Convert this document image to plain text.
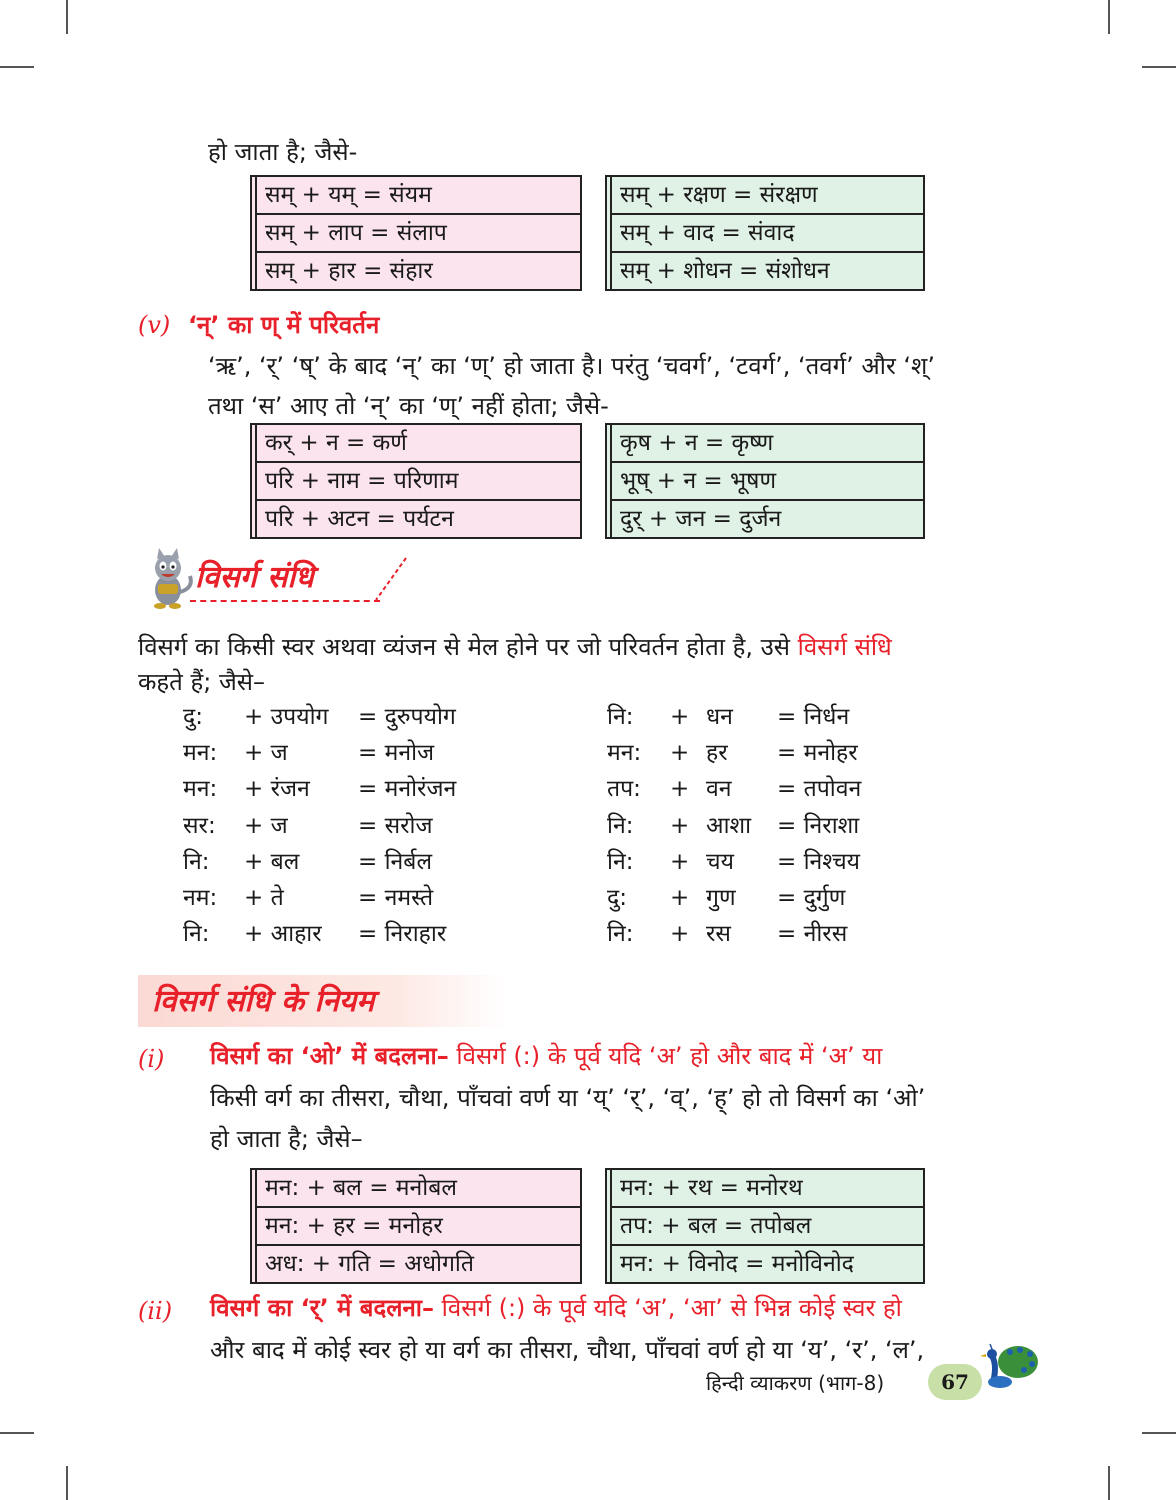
हो जाता है; जैसे-
सम् + यम् = संयम
सम् + लाप = संलाप
सम् + हार = संहार
सम् + रक्षण = संरक्षण
सम् + वाद = संवाद
सम् + शोधन = संशोधन
(v) ‘न्’ का ण् में परिवर्तन
‘ऋ’, ‘र्’ ‘ष्’ के बाद ‘न्’ का ‘ण्’ हो जाता है। परंतु ‘चवर्ग’, ‘टवर्ग’, ‘तवर्ग’ और ‘श्’
तथा ‘स’ आए तो ‘न्’ का ‘ण्’ नहीं होता; जैसे-
कर् + न = कर्ण
परि + नाम = परिणाम
परि + अटन = पर्यटन
कृष + न = कृष्ण
भूष् + न = भूषण
दुर् + जन = दुर्जन
विसर्ग संधि
विसर्ग का किसी स्वर अथवा व्यंजन से मेल होने पर जो परिवर्तन होता है, उसे विसर्ग संधि
कहते हैं; जैसे–
दु: + उपयोग = दुरुपयोग
मन: + ज	= मनोज
मन: + रंजन = मनोरंजन
सर: + ज	= सरोज
नि: + बल	= निर्बल
नम: + ते	= नमस्ते
नि: + आहार = निराहार
नि: + धन = निर्धन
मन: + हर = मनोहर
तप: + वन = तपोवन
नि: + आशा = निराशा
नि: + चय = निश्चय
दु: + गुण = दुर्गुण
नि: + रस = नीरस
विसर्ग संधि के नियम
(i) विसर्ग का ‘ओ’ में बदलना– विसर्ग (:) के पूर्व यदि ‘अ’ हो और बाद में ‘अ’ या
किसी वर्ग का तीसरा, चौथा, पाँचवां वर्ण या ‘य्’ ‘र्’, ‘व्’, ‘ह्’ हो तो विसर्ग का ‘ओ’
हो जाता है; जैसे–
मन: + बल = मनोबल
मन: + हर = मनोहर
अध: + गति = अधोगति
मन: + रथ = मनोरथ
तप: + बल = तपोबल
मन: + विनोद = मनोविनोद
(ii) विसर्ग का ‘र्’ में बदलना– विसर्ग (:) के पूर्व यदि ‘अ’, ‘आ’ से भिन्न कोई स्वर हो
और बाद में कोई स्वर हो या वर्ग का तीसरा, चौथा, पाँचवां वर्ण हो या ‘य’, ‘र’, ‘ल’,
हिन्दी व्याकरण (भाग-8)	67
